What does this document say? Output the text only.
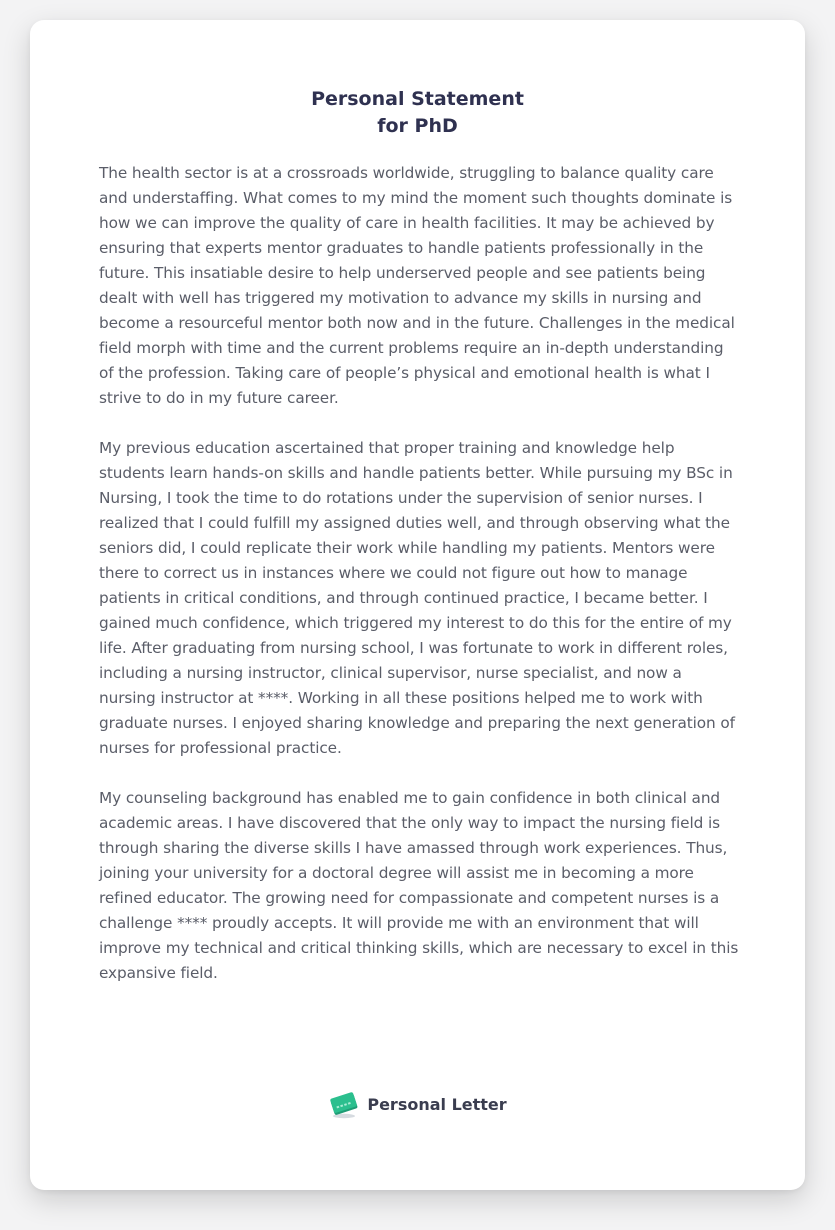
Personal Statement
for PhD

The health sector is at a crossroads worldwide, struggling to balance quality care and understaffing. What comes to my mind the moment such thoughts dominate is how we can improve the quality of care in health facilities. It may be achieved by ensuring that experts mentor graduates to handle patients professionally in the future. This insatiable desire to help underserved people and see patients being dealt with well has triggered my motivation to advance my skills in nursing and become a resourceful mentor both now and in the future. Challenges in the medical field morph with time and the current problems require an in-depth understanding of the profession. Taking care of people’s physical and emotional health is what I strive to do in my future career.

My previous education ascertained that proper training and knowledge help students learn hands-on skills and handle patients better. While pursuing my BSc in Nursing, I took the time to do rotations under the supervision of senior nurses. I realized that I could fulfill my assigned duties well, and through observing what the seniors did, I could replicate their work while handling my patients. Mentors were there to correct us in instances where we could not figure out how to manage patients in critical conditions, and through continued practice, I became better. I gained much confidence, which triggered my interest to do this for the entire of my life. After graduating from nursing school, I was fortunate to work in different roles, including a nursing instructor, clinical supervisor, nurse specialist, and now a nursing instructor at ****. Working in all these positions helped me to work with graduate nurses. I enjoyed sharing knowledge and preparing the next generation of nurses for professional practice.

My counseling background has enabled me to gain confidence in both clinical and academic areas. I have discovered that the only way to impact the nursing field is through sharing the diverse skills I have amassed through work experiences. Thus, joining your university for a doctoral degree will assist me in becoming a more refined educator. The growing need for compassionate and competent nurses is a challenge **** proudly accepts. It will provide me with an environment that will improve my technical and critical thinking skills, which are necessary to excel in this expansive field.

Personal Letter
